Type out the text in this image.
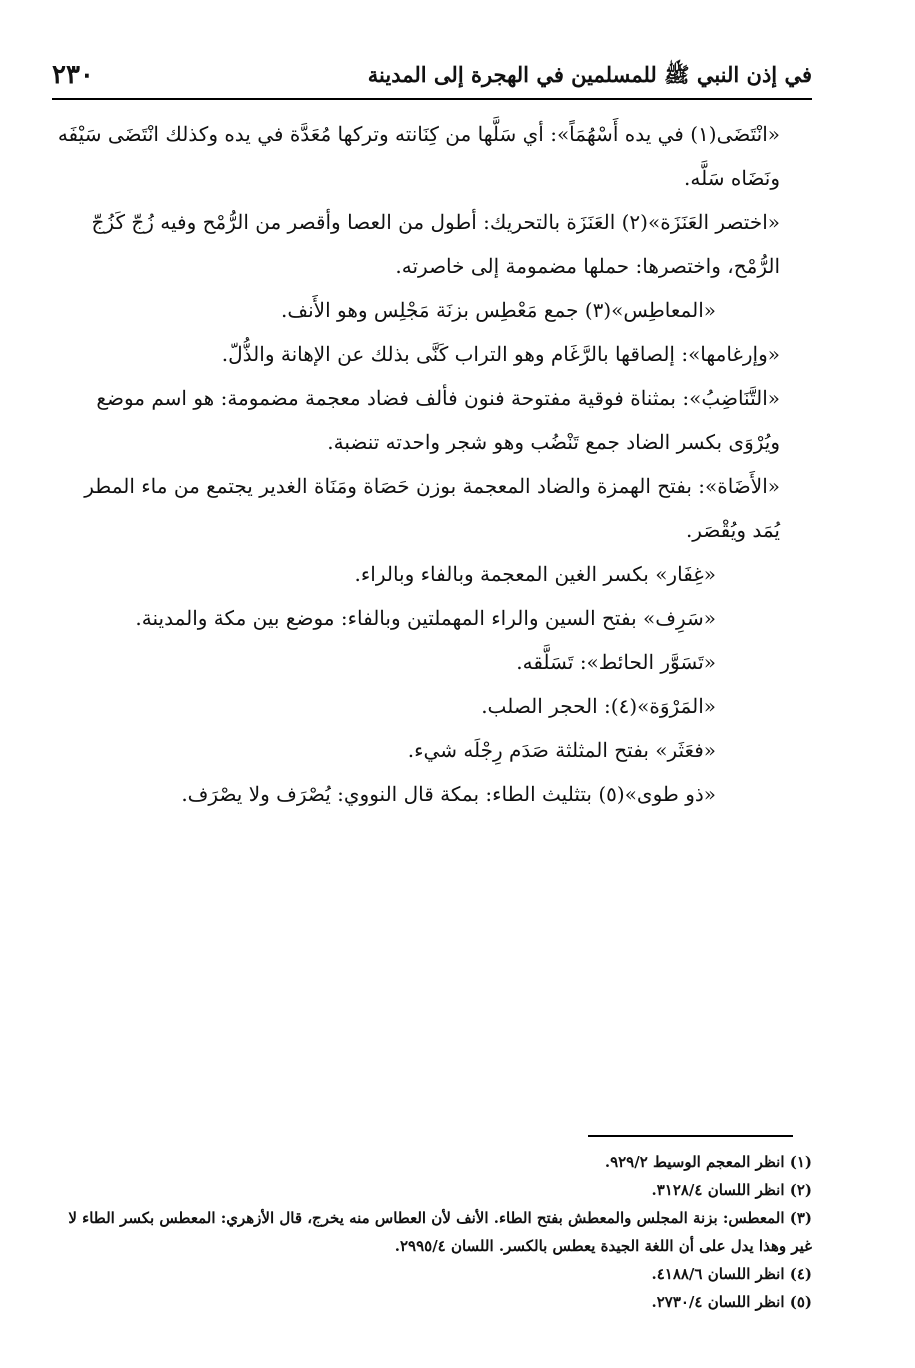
٢٣٠	في إذن النبي ﷺ للمسلمين في الهجرة إلى المدينة

«انْتَضَى(١) في يده أَسْهُمَاً»: أي سَلَّها من كِنَانته وتركها مُعَدَّة في يده وكذلك انْتَضَى سَيْفَه ونَضَاه سَلَّه.

«اختصر العَنَزَة»(٢) العَنَزَة بالتحريك: أطول من العصا وأقصر من الرُّمْح وفيه زُجّ كَزُجّ الرُّمْح، واختصرها: حملها مضمومة إلى خاصرته.

«المعاطِس»(٣) جمع مَعْطِس بزنَة مَجْلِس وهو الأَنف.

«وإرغامها»: إلصاقها بالرَّغَام وهو التراب كَنَّى بذلك عن الإهانة والذُّلّ.

«التَّنَاضِبُ»: بمثناة فوقية مفتوحة فنون فألف فضاد معجمة مضمومة: هو اسم موضع ويُرْوَى بكسر الضاد جمع تَنْضُب وهو شجر واحدته تنضبة.

«الأَضَاة»: بفتح الهمزة والضاد المعجمة بوزن حَصَاة ومَنَاة الغدير يجتمع من ماء المطر يُمَد ويُقْصَر.

«غِفَار» بكسر الغين المعجمة وبالفاء وبالراء.

«سَرِف» بفتح السين والراء المهملتين وبالفاء: موضع بين مكة والمدينة.

«تَسَوَّر الحائط»: تَسَلَّقه.

«المَرْوَة»(٤): الحجر الصلب.

«فعَثَر» بفتح المثلثة صَدَم رِجْلَه شيء.

«ذو طوى»(٥) بتثليث الطاء: بمكة قال النووي: يُصْرَف ولا يصْرَف.

(١) انظر المعجم الوسيط ٩٢٩/٢.

(٢) انظر اللسان ٣١٢٨/٤.

(٣) المعطس: بزنة المجلس والمعطش بفتح الطاء. الأنف لأن العطاس منه يخرج، قال الأزهري: المعطس بكسر الطاء لا غير وهذا يدل على أن اللغة الجيدة يعطس بالكسر. اللسان ٢٩٩٥/٤.

(٤) انظر اللسان ٤١٨٨/٦.

(٥) انظر اللسان ٢٧٣٠/٤.
